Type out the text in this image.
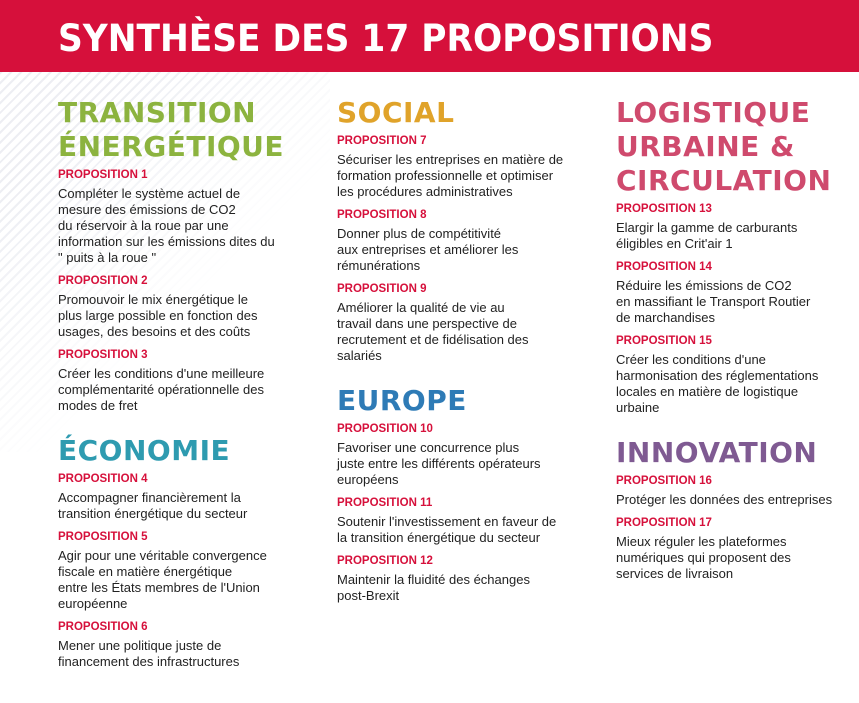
SYNTHÈSE DES 17 PROPOSITIONS
TRANSITION
ÉNERGÉTIQUE

PROPOSITION 1

Compléter le système actuel de
mesure des émissions de CO2
du réservoir à la roue par une
information sur les émissions dites du
" puits à la roue "

PROPOSITION 2

Promouvoir le mix énergétique le
plus large possible en fonction des
usages, des besoins et des coûts

PROPOSITION 3

Créer les conditions d'une meilleure
complémentarité opérationnelle des
modes de fret

ÉCONOMIE

PROPOSITION 4

Accompagner financièrement la
transition énergétique du secteur

PROPOSITION 5

Agir pour une véritable convergence
fiscale en matière énergétique
entre les États membres de l'Union
européenne

PROPOSITION 6

Mener une politique juste de
financement des infrastructures

SOCIAL

PROPOSITION 7

Sécuriser les entreprises en matière de
formation professionnelle et optimiser
les procédures administratives

PROPOSITION 8

Donner plus de compétitivité
aux entreprises et améliorer les
rémunérations

PROPOSITION 9

Améliorer la qualité de vie au
travail dans une perspective de
recrutement et de fidélisation des
salariés

EUROPE

PROPOSITION 10

Favoriser une concurrence plus
juste entre les différents opérateurs
européens

PROPOSITION 11

Soutenir l'investissement en faveur de
la transition énergétique du secteur

PROPOSITION 12

Maintenir la fluidité des échanges
post-Brexit

LOGISTIQUE
URBAINE &
CIRCULATION

PROPOSITION 13

Elargir la gamme de carburants
éligibles en Crit'air 1

PROPOSITION 14

Réduire les émissions de CO2
en massifiant le Transport Routier
de marchandises

PROPOSITION 15

Créer les conditions d'une
harmonisation des réglementations
locales en matière de logistique
urbaine

INNOVATION

PROPOSITION 16

Protéger les données des entreprises

PROPOSITION 17

Mieux réguler les plateformes
numériques qui proposent des
services de livraison
